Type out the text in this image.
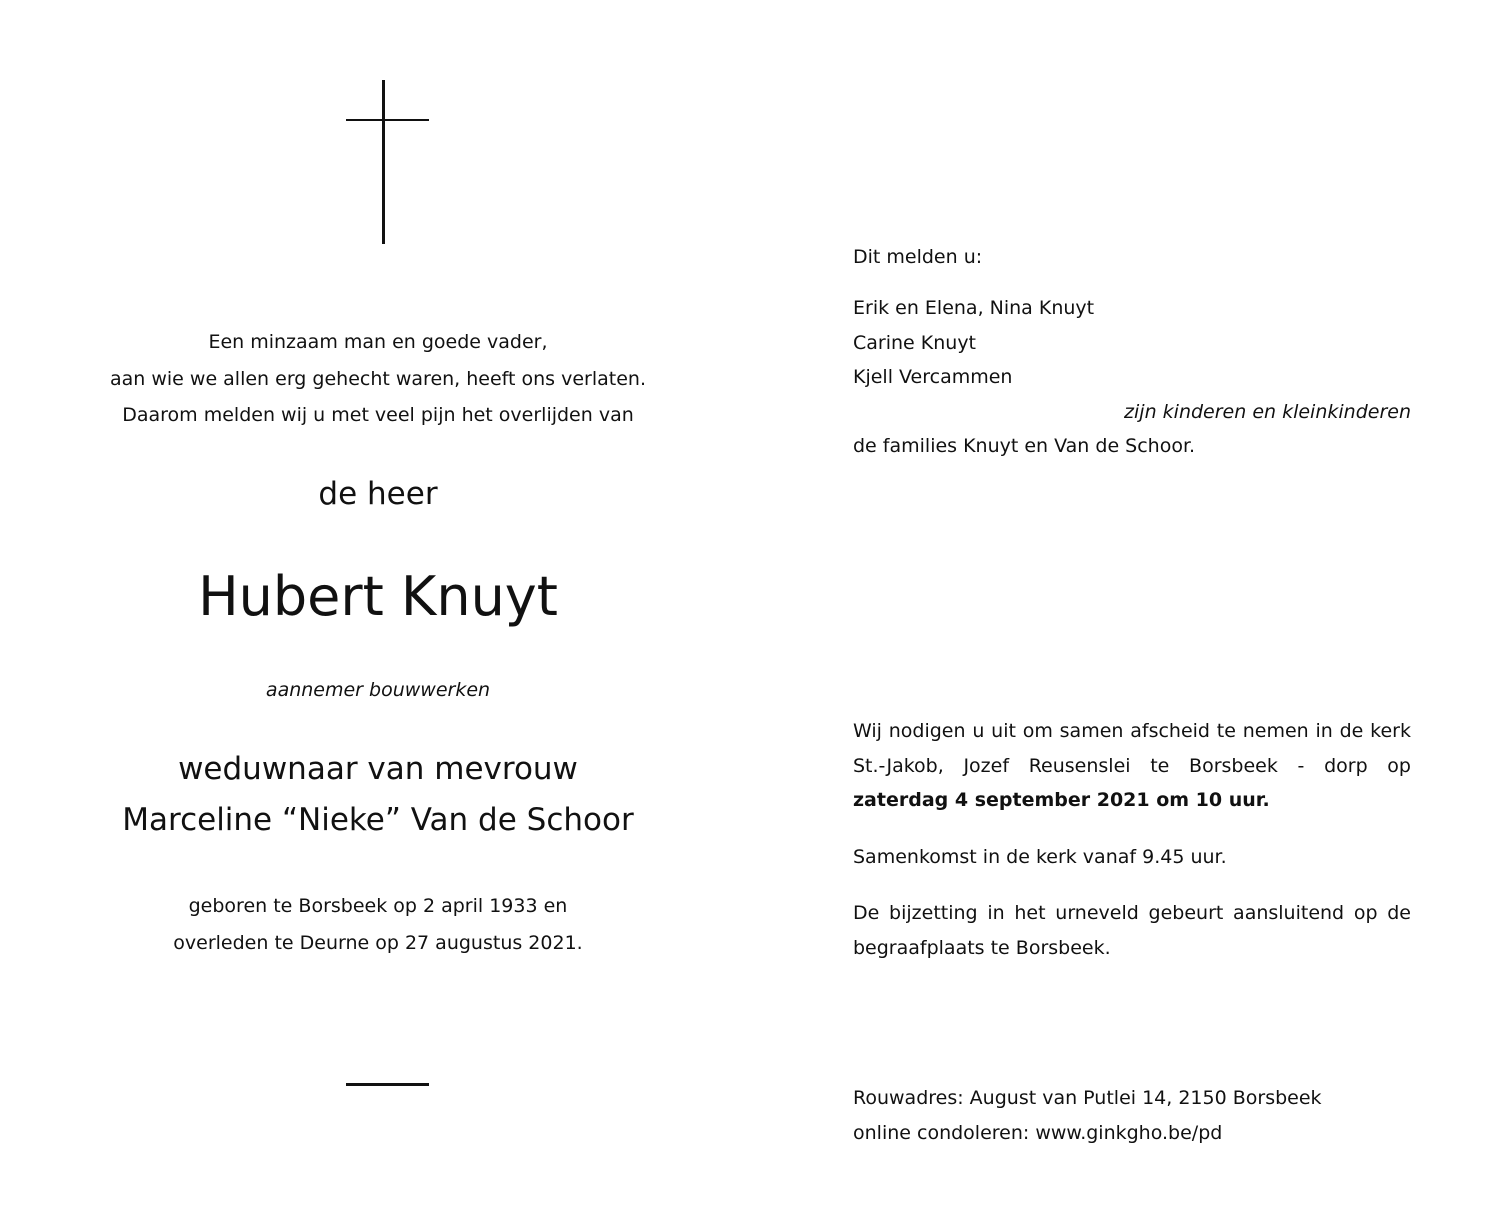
Een minzaam man en goede vader,
aan wie we allen erg gehecht waren, heeft ons verlaten.
Daarom melden wij u met veel pijn het overlijden van
de heer
Hubert Knuyt
aannemer bouwwerken
weduwnaar van mevrouw
Marceline “Nieke” Van de Schoor
geboren te Borsbeek op 2 april 1933 en
overleden te Deurne op 27 augustus 2021.
Dit melden u:
Erik en Elena, Nina Knuyt
Carine Knuyt
Kjell Vercammen
zijn kinderen en kleinkinderen
de families Knuyt en Van de Schoor.
Wij nodigen u uit om samen afscheid te nemen in de kerk St.-Jakob, Jozef Reusenslei te Borsbeek - dorp op zaterdag 4 september 2021 om 10 uur.
Samenkomst in de kerk vanaf 9.45 uur.
De bijzetting in het urneveld gebeurt aansluitend op de begraafplaats te Borsbeek.
Rouwadres: August van Putlei 14, 2150 Borsbeek
online condoleren: www.ginkgho.be/pd
